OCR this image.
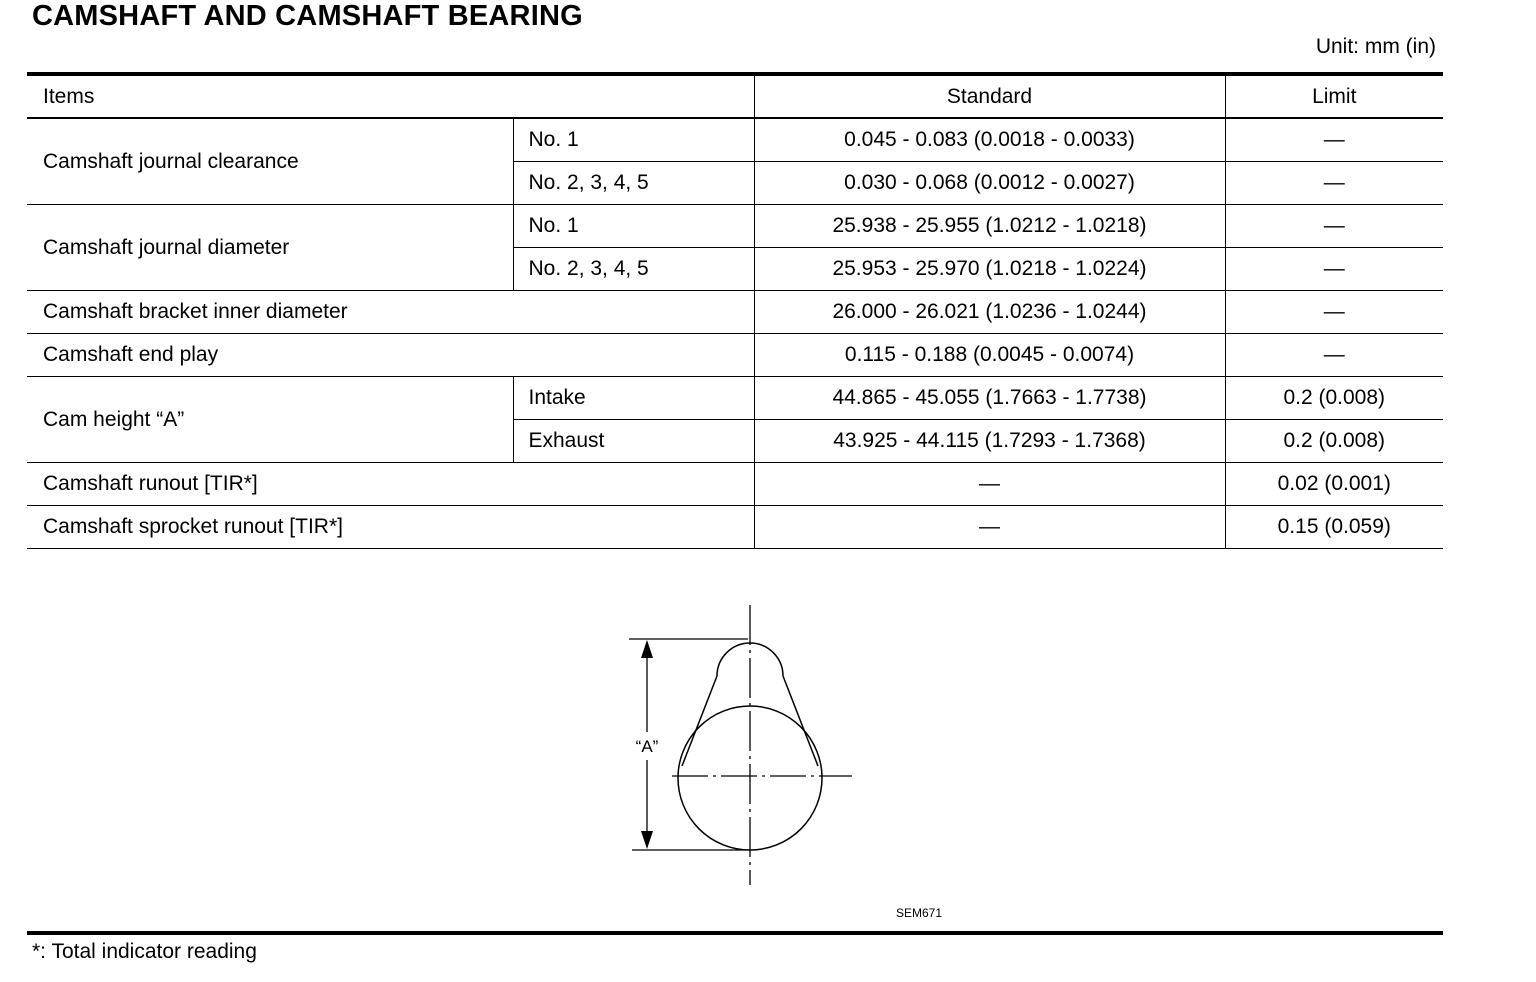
CAMSHAFT AND CAMSHAFT BEARING
Unit: mm (in)
Items		Standard	Limit
Camshaft journal clearance	No. 1	0.045 - 0.083 (0.0018 - 0.0033)	—
	No. 2, 3, 4, 5	0.030 - 0.068 (0.0012 - 0.0027)	—
Camshaft journal diameter	No. 1	25.938 - 25.955 (1.0212 - 1.0218)	—
	No. 2, 3, 4, 5	25.953 - 25.970 (1.0218 - 1.0224)	—
Camshaft bracket inner diameter		26.000 - 26.021 (1.0236 - 1.0244)	—
Camshaft end play		0.115 - 0.188 (0.0045 - 0.0074)	—
Cam height “A”	Intake	44.865 - 45.055 (1.7663 - 1.7738)	0.2 (0.008)
	Exhaust	43.925 - 44.115 (1.7293 - 1.7368)	0.2 (0.008)
Camshaft runout [TIR*]		—	0.02 (0.001)
Camshaft sprocket runout [TIR*]		—	0.15 (0.059)
“A”
SEM671
*: Total indicator reading
